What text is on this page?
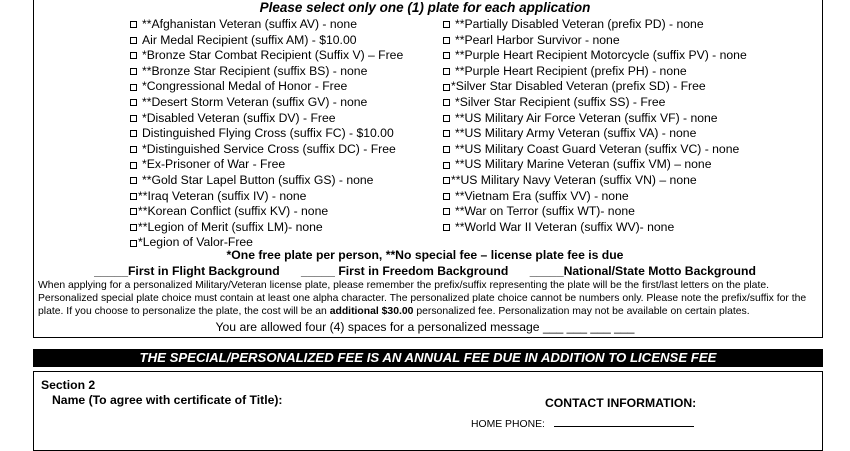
Please select only one (1) plate for each application
**Afghanistan Veteran (suffix AV) - none
Air Medal Recipient (suffix AM) - $10.00
*Bronze Star Combat Recipient (Suffix V) – Free
**Bronze Star Recipient (suffix BS) - none
*Congressional Medal of Honor - Free
**Desert Storm Veteran (suffix GV) - none
*Disabled Veteran (suffix DV) - Free
Distinguished Flying Cross (suffix FC) - $10.00
*Distinguished Service Cross (suffix DC) - Free
*Ex-Prisoner of War - Free
**Gold Star Lapel Button (suffix GS) - none
**Iraq Veteran (suffix IV) - none
**Korean Conflict (suffix KV) - none
**Legion of Merit (suffix LM)- none
*Legion of Valor-Free
**Partially Disabled Veteran (prefix PD) - none
**Pearl Harbor Survivor - none
**Purple Heart Recipient Motorcycle (suffix PV) - none
**Purple Heart Recipient (prefix PH) - none
*Silver Star Disabled Veteran (prefix SD) - Free
*Silver Star Recipient (suffix SS) - Free
**US Military Air Force Veteran (suffix VF) - none
**US Military Army Veteran (suffix VA) - none
**US Military Coast Guard Veteran (suffix VC) - none
**US Military Marine Veteran (suffix VM) – none
**US Military Navy Veteran (suffix VN) – none
**Vietnam Era (suffix VV) - none
**War on Terror (suffix WT)- none
**World War II Veteran (suffix WV)- none
*One free plate per person, **No special fee – license plate fee is due
_____First in Flight Background _____ First in Freedom Background _____National/State Motto Background
When applying for a personalized Military/Veteran license plate, please remember the prefix/suffix representing the plate will be the first/last letters on the plate. Personalized special plate choice must contain at least one alpha character. The personalized plate choice cannot be numbers only. Please note the prefix/suffix for the plate. If you choose to personalize the plate, the cost will be an additional $30.00 personalized fee. Personalization may not be available on certain plates.
You are allowed four (4) spaces for a personalized message ___ ___ ___ ___
THE SPECIAL/PERSONALIZED FEE IS AN ANNUAL FEE DUE IN ADDITION TO LICENSE FEE
Section 2
Name (To agree with certificate of Title):	CONTACT INFORMATION:
HOME PHONE:
